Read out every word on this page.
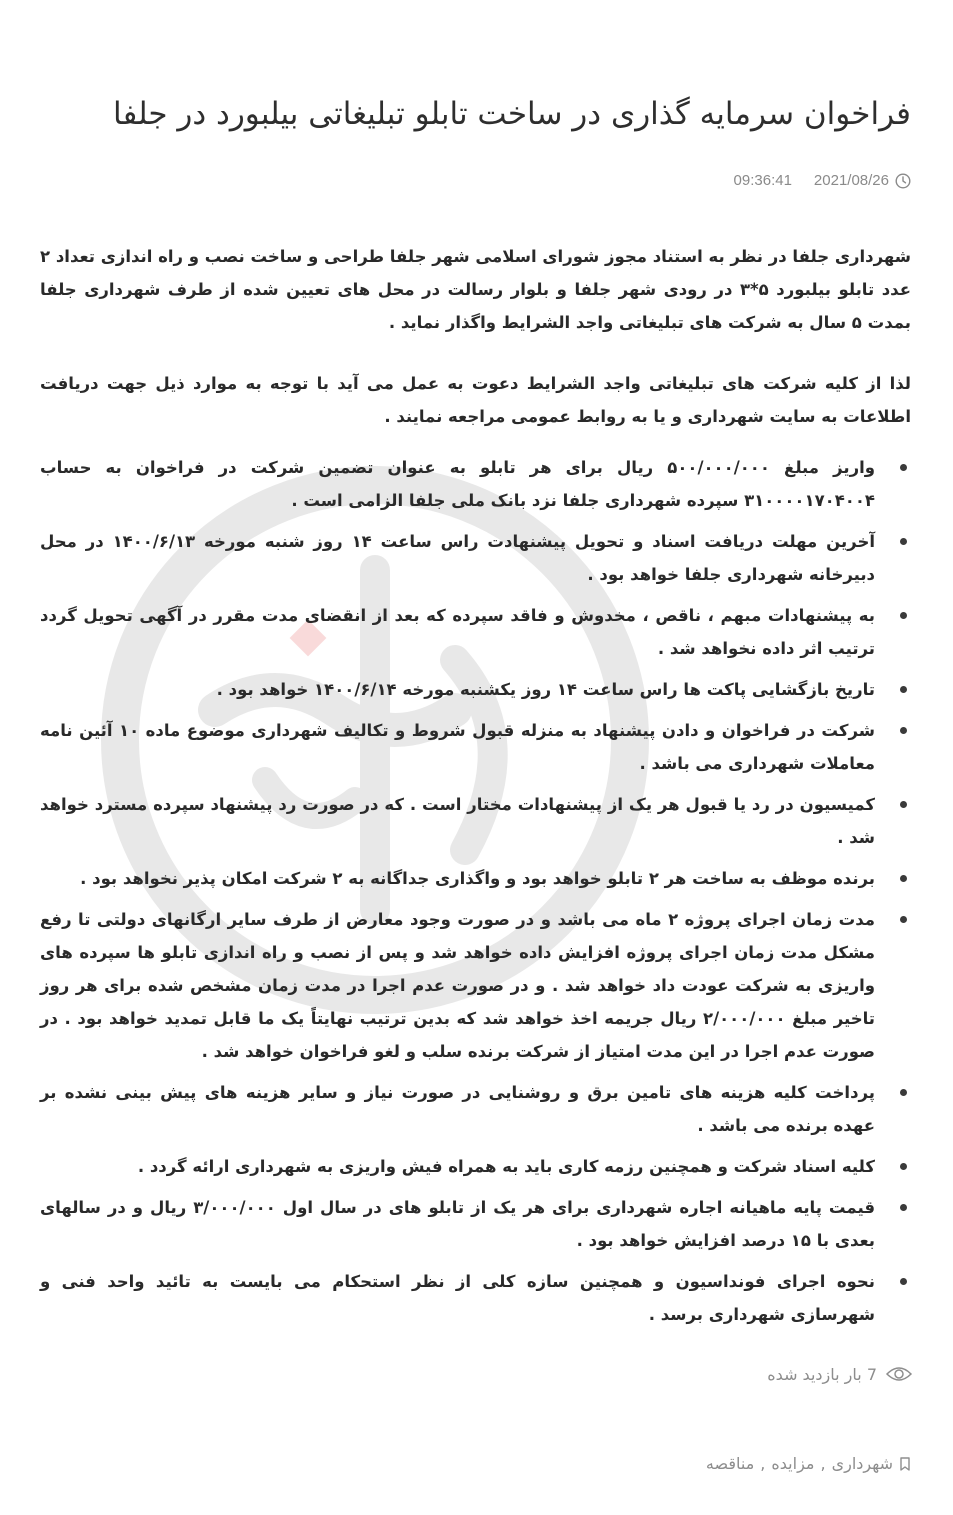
فراخوان سرمایه گذاری در ساخت تابلو تبلیغاتی بیلبورد در جلفا
2021/08/26
09:36:41

شهرداری جلفا در نظر به استناد مجوز شورای اسلامی شهر جلفا طراحی و ساخت نصب و راه اندازی تعداد ۲ عدد تابلو بیلبورد ۵*۳ در رودی شهر جلفا و بلوار رسالت در محل های تعیین شده از طرف شهرداری جلفا بمدت ۵ سال به شرکت های تبلیغاتی واجد الشرایط واگذار نماید .

لذا از کلیه شرکت های تبلیغاتی واجد الشرایط دعوت به عمل می آید با توجه به موارد ذیل جهت دریافت اطلاعات به سایت شهرداری و یا به روابط عمومی مراجعه نمایند .

واریز مبلغ ۵۰۰/۰۰۰/۰۰۰ ریال برای هر تابلو به عنوان تضمین شرکت در فراخوان به حساب ۳۱۰۰۰۰۱۷۰۴۰۰۴ سپرده شهرداری جلفا نزد بانک ملی جلفا الزامی است .
آخرین مهلت دریافت اسناد و تحویل پیشنهادت راس ساعت ۱۴ روز شنبه مورخه ۱۴۰۰/۶/۱۳ در محل دبیرخانه شهرداری جلفا خواهد بود .
به پیشنهادات مبهم ، ناقص ، مخدوش و فاقد سپرده که بعد از انقضای مدت مقرر در آگهی تحویل گردد ترتیب اثر داده نخواهد شد .
تاریخ بازگشایی پاکت ها راس ساعت ۱۴ روز یکشنبه مورخه ۱۴۰۰/۶/۱۴ خواهد بود .
شرکت در فراخوان و دادن پیشنهاد به منزله قبول شروط و تکالیف شهرداری موضوع ماده ۱۰ آئین نامه معاملات شهرداری می باشد .
کمیسیون در رد یا قبول هر یک از پیشنهادات مختار است . که در صورت رد پیشنهاد سپرده مسترد خواهد شد .
برنده موظف به ساخت هر ۲ تابلو خواهد بود و واگذاری جداگانه به ۲ شرکت امکان پذیر نخواهد بود .
مدت زمان اجرای پروژه ۲ ماه می باشد و در صورت وجود معارض از طرف سایر ارگانهای دولتی تا رفع مشکل مدت زمان اجرای پروژه افزایش داده خواهد شد و پس از نصب و راه اندازی تابلو ها سپرده های واریزی به شرکت عودت داد خواهد شد . و در صورت عدم اجرا در مدت زمان مشخص شده برای هر روز تاخیر مبلغ ۲/۰۰۰/۰۰۰ ریال جریمه اخذ خواهد شد که بدین ترتیب نهایتاً یک ما قابل تمدید خواهد بود . در صورت عدم اجرا در این مدت امتیاز از شرکت برنده سلب و لغو فراخوان خواهد شد .
پرداخت کلیه هزینه های تامین برق و روشنایی در صورت نیاز و سایر هزینه های پیش بینی نشده بر عهده برنده می باشد .
کلیه اسناد شرکت و همچنین رزمه کاری باید به همراه فیش واریزی به شهرداری ارائه گردد .
قیمت پایه ماهیانه اجاره شهرداری برای هر یک از تابلو های در سال اول ۳/۰۰۰/۰۰۰ ریال و در سالهای بعدی با ۱۵ درصد افزایش خواهد بود .
نحوه اجرای فونداسیون و همچنین سازه کلی از نظر استحکام می بایست به تائید واحد فنی و شهرسازی شهرداری برسد .
7 بار بازدید شده
شهرداری
,
مزایده
,
مناقصه
